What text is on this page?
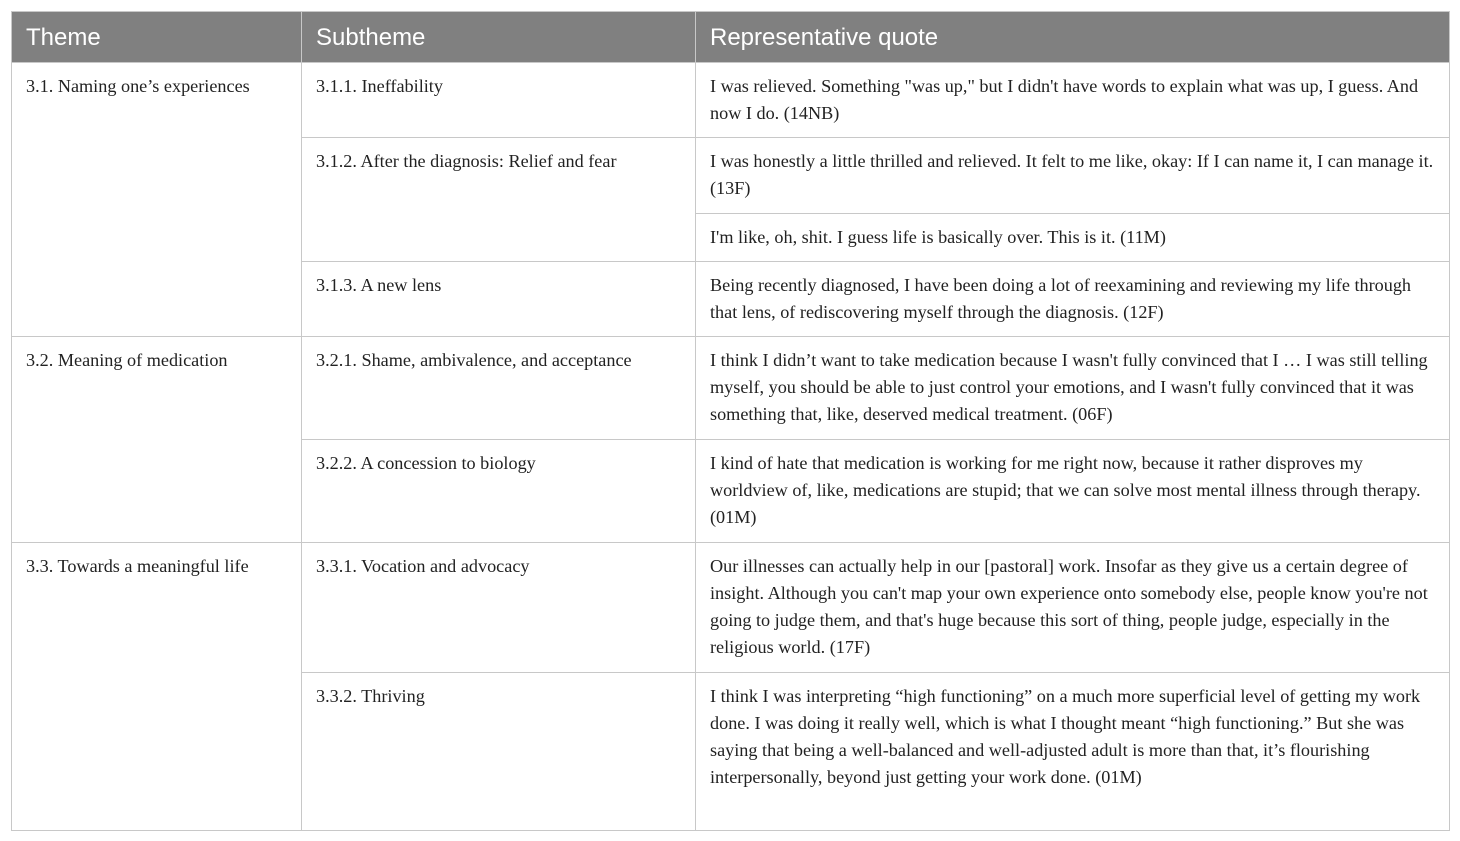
Theme	Subtheme	Representative quote
3.1. Naming one’s experiences	3.1.1. Ineffability	I was relieved. Something "was up," but I didn't have words to explain what was up, I guess. And now I do. (14NB)
	3.1.2. After the diagnosis: Relief and fear	I was honestly a little thrilled and relieved. It felt to me like, okay: If I can name it, I can manage it. (13F)
		I'm like, oh, shit. I guess life is basically over. This is it. (11M)
	3.1.3. A new lens	Being recently diagnosed, I have been doing a lot of reexamining and reviewing my life through that lens, of rediscovering myself through the diagnosis. (12F)
3.2. Meaning of medication	3.2.1. Shame, ambivalence, and acceptance	I think I didn’t want to take medication because I wasn't fully convinced that I … I was still telling myself, you should be able to just control your emotions, and I wasn't fully convinced that it was something that, like, deserved medical treatment. (06F)
	3.2.2. A concession to biology	I kind of hate that medication is working for me right now, because it rather disproves my worldview of, like, medications are stupid; that we can solve most mental illness through therapy. (01M)
3.3. Towards a meaningful life	3.3.1. Vocation and advocacy	Our illnesses can actually help in our [pastoral] work. Insofar as they give us a certain degree of insight. Although you can't map your own experience onto somebody else, people know you're not going to judge them, and that's huge because this sort of thing, people judge, especially in the religious world. (17F)
	3.3.2. Thriving	I think I was interpreting “high functioning” on a much more superficial level of getting my work done. I was doing it really well, which is what I thought meant “high functioning.” But she was saying that being a well-balanced and well-adjusted adult is more than that, it’s flourishing interpersonally, beyond just getting your work done. (01M)
